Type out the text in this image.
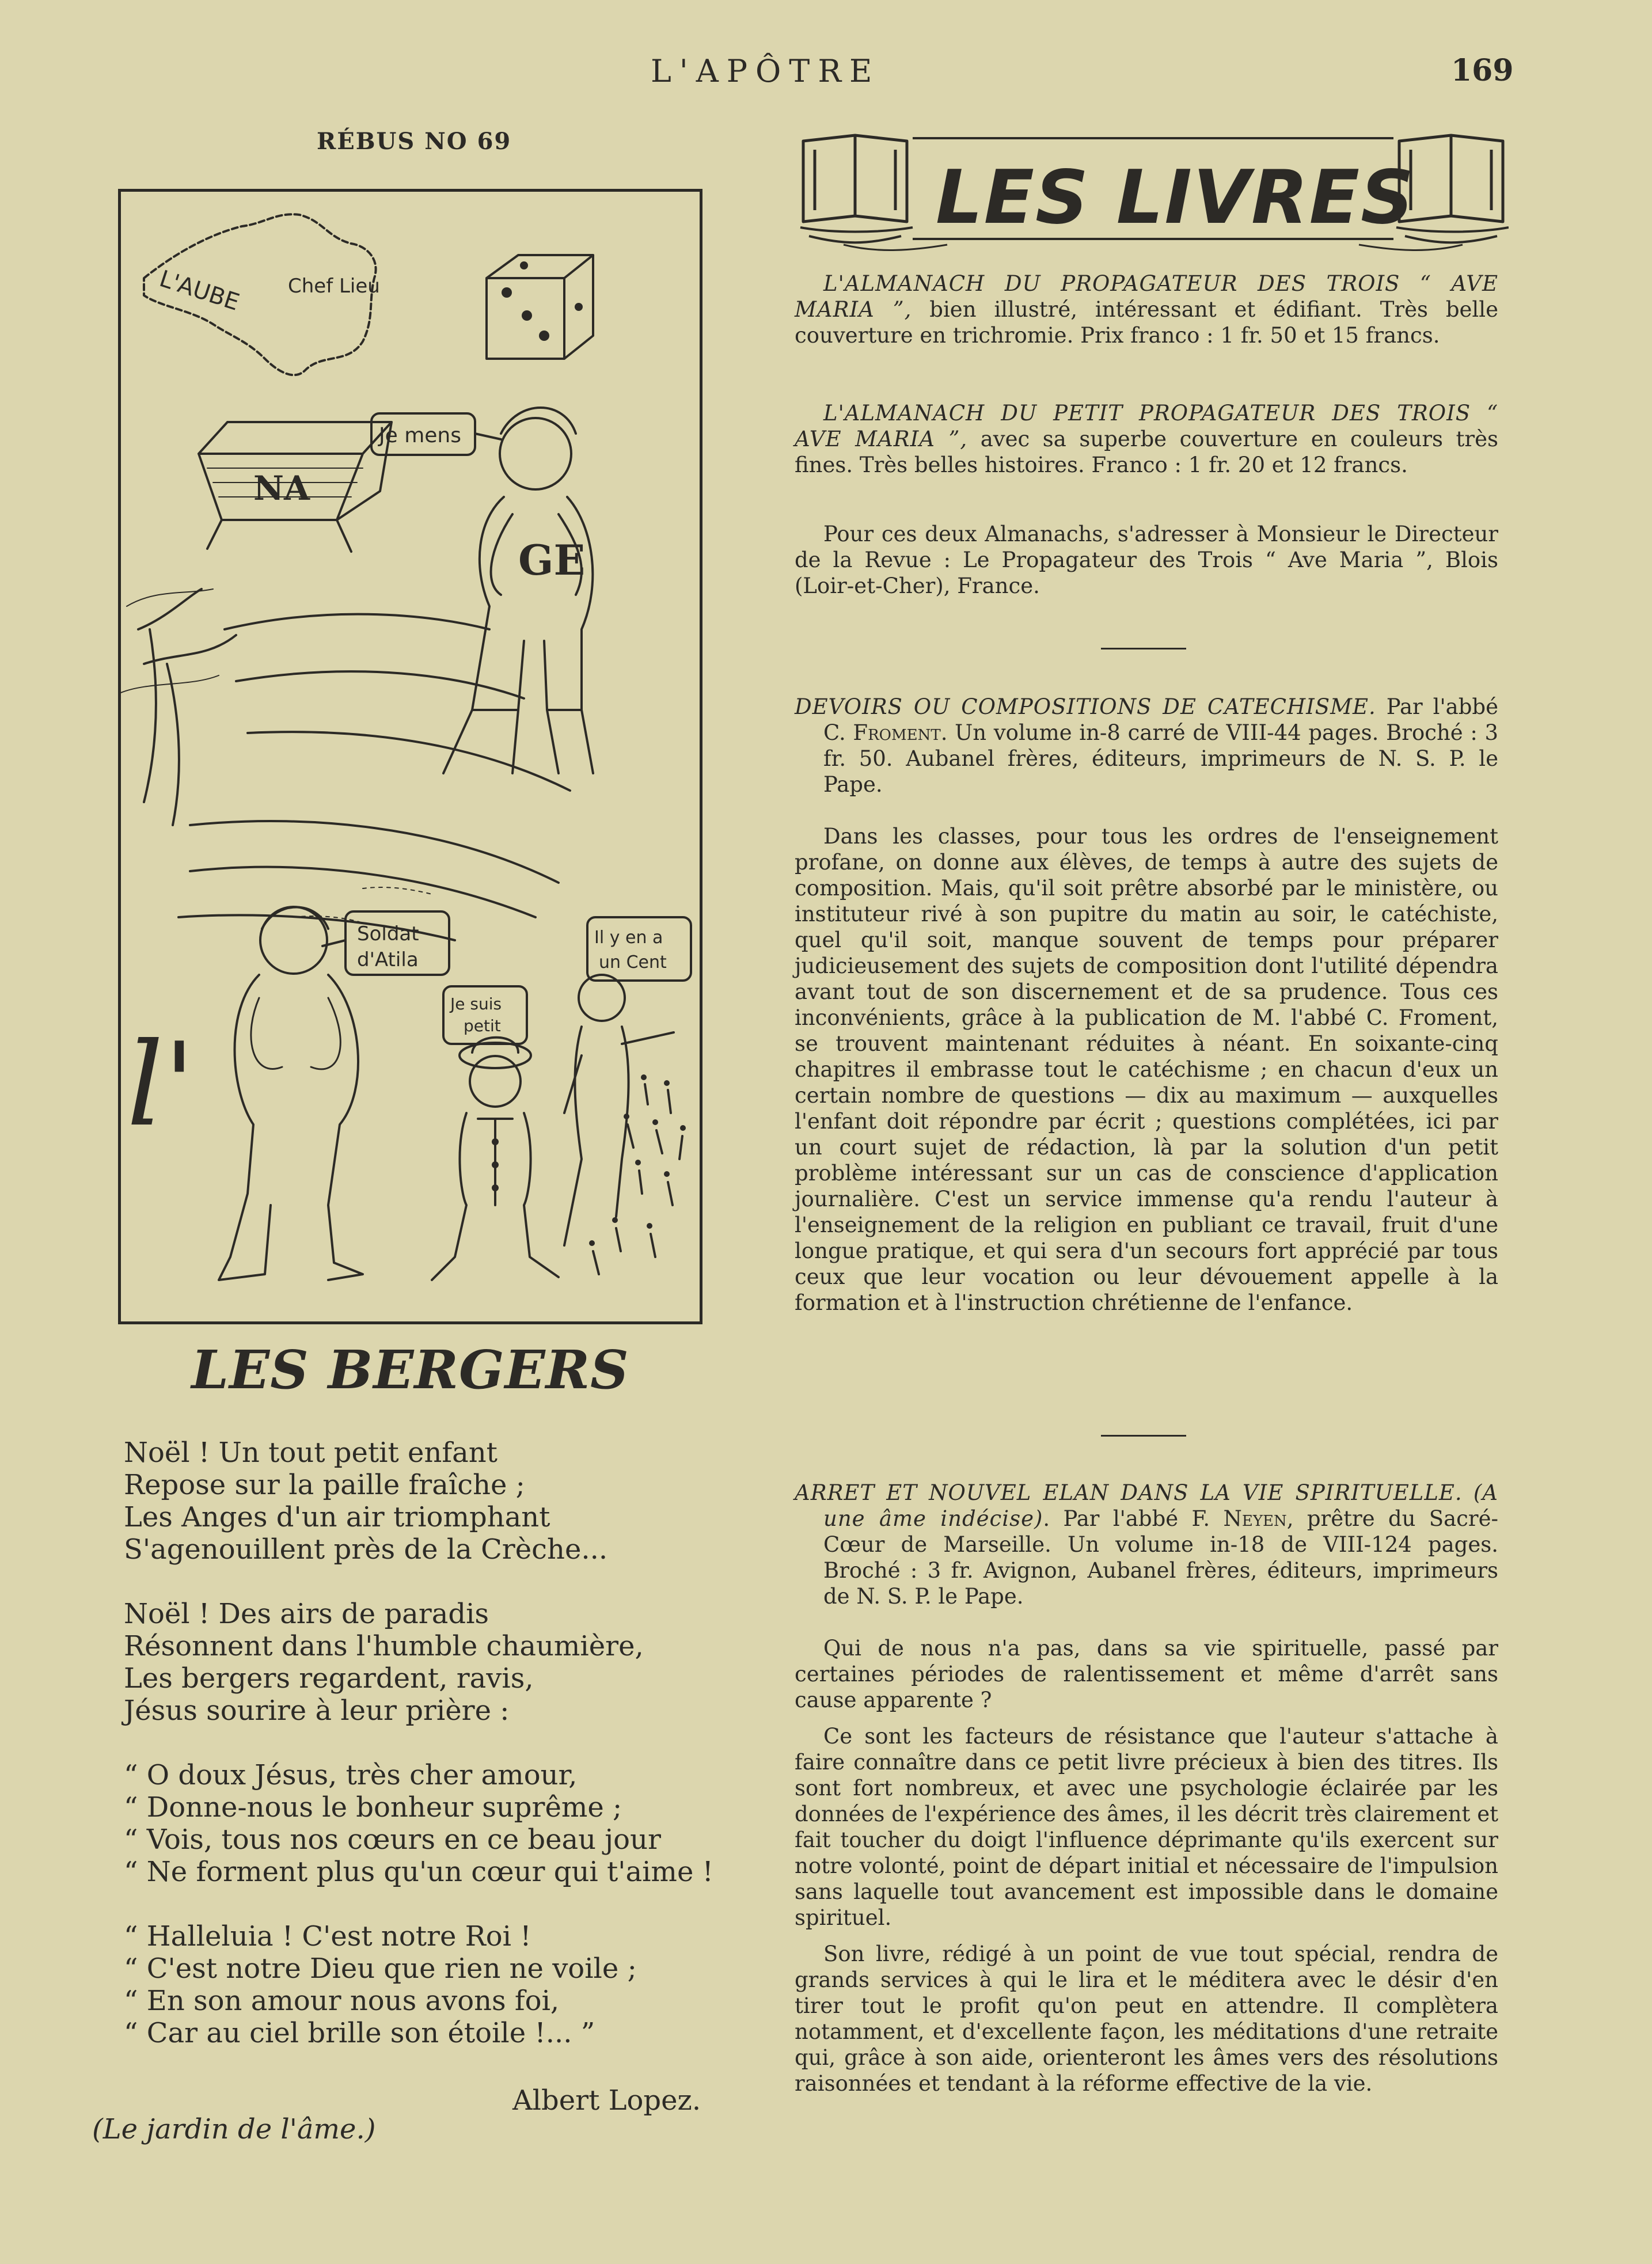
L'APÔTRE	169
RÉBUS NO 69
L'AUBE Chef Lieu
NA
Je mens
GE
Soldat
d'Atila
Je suis
petit
Il y en a
un Cent
l'
LES BERGERS
Noël ! Un tout petit enfant
Repose sur la paille fraîche ;
Les Anges d'un air triomphant
S'agenouillent près de la Crèche...
Noël ! Des airs de paradis
Résonnent dans l'humble chaumière,
Les bergers regardent, ravis,
Jésus sourire à leur prière :
“ O doux Jésus, très cher amour,
“ Donne-nous le bonheur suprême ;
“ Vois, tous nos cœurs en ce beau jour
“ Ne forment plus qu'un cœur qui t'aime !
“ Halleluia ! C'est notre Roi !
“ C'est notre Dieu que rien ne voile ;
“ En son amour nous avons foi,
“ Car au ciel brille son étoile !... ”
Albert Lopez.
(Le jardin de l'âme.)
LES LIVRES

L'ALMANACH DU PROPAGATEUR DES TROIS “ AVE MARIA ”, bien illustré, intéressant et édifiant. Très belle couverture en trichromie. Prix franco : 1 fr. 50 et 15 francs.

L'ALMANACH DU PETIT PROPAGATEUR DES TROIS “ AVE MARIA ”, avec sa superbe couverture en couleurs très fines. Très belles histoires. Franco : 1 fr. 20 et 12 francs.

Pour ces deux Almanachs, s'adresser à Monsieur le Directeur de la Revue : Le Propagateur des Trois “ Ave Maria ”, Blois (Loir-et-Cher), France.

DEVOIRS OU COMPOSITIONS DE CATECHISME. Par l'abbé C. Froment. Un volume in-8 carré de VIII-44 pages. Broché : 3 fr. 50. Aubanel frères, éditeurs, imprimeurs de N. S. P. le Pape.

Dans les classes, pour tous les ordres de l'enseignement profane, on donne aux élèves, de temps à autre des sujets de composition. Mais, qu'il soit prêtre absorbé par le ministère, ou instituteur rivé à son pupitre du matin au soir, le catéchiste, quel qu'il soit, manque souvent de temps pour préparer judicieusement des sujets de composition dont l'utilité dépendra avant tout de son discernement et de sa prudence. Tous ces inconvénients, grâce à la publication de M. l'abbé C. Froment, se trouvent maintenant réduites à néant. En soixante-cinq chapitres il embrasse tout le catéchisme ; en chacun d'eux un certain nombre de questions — dix au maximum — auxquelles l'enfant doit répondre par écrit ; questions complétées, ici par un court sujet de rédaction, là par la solution d'un petit problème intéressant sur un cas de conscience d'application journalière. C'est un service immense qu'a rendu l'auteur à l'enseignement de la religion en publiant ce travail, fruit d'une longue pratique, et qui sera d'un secours fort apprécié par tous ceux que leur vocation ou leur dévouement appelle à la formation et à l'instruction chrétienne de l'enfance.

ARRET ET NOUVEL ELAN DANS LA VIE SPIRITUELLE. (A une âme indécise). Par l'abbé F. Neyen, prêtre du Sacré-Cœur de Marseille. Un volume in-18 de VIII-124 pages. Broché : 3 fr. Avignon, Aubanel frères, éditeurs, imprimeurs de N. S. P. le Pape.

Qui de nous n'a pas, dans sa vie spirituelle, passé par certaines périodes de ralentissement et même d'arrêt sans cause apparente ?

Ce sont les facteurs de résistance que l'auteur s'attache à faire connaître dans ce petit livre précieux à bien des titres. Ils sont fort nombreux, et avec une psychologie éclairée par les données de l'expérience des âmes, il les décrit très clairement et fait toucher du doigt l'influence déprimante qu'ils exercent sur notre volonté, point de départ initial et nécessaire de l'impulsion sans laquelle tout avancement est impossible dans le domaine spirituel.

Son livre, rédigé à un point de vue tout spécial, rendra de grands services à qui le lira et le méditera avec le désir d'en tirer tout le profit qu'on peut en attendre. Il complètera notamment, et d'excellente façon, les méditations d'une retraite qui, grâce à son aide, orienteront les âmes vers des résolutions raisonnées et tendant à la réforme effective de la vie.
